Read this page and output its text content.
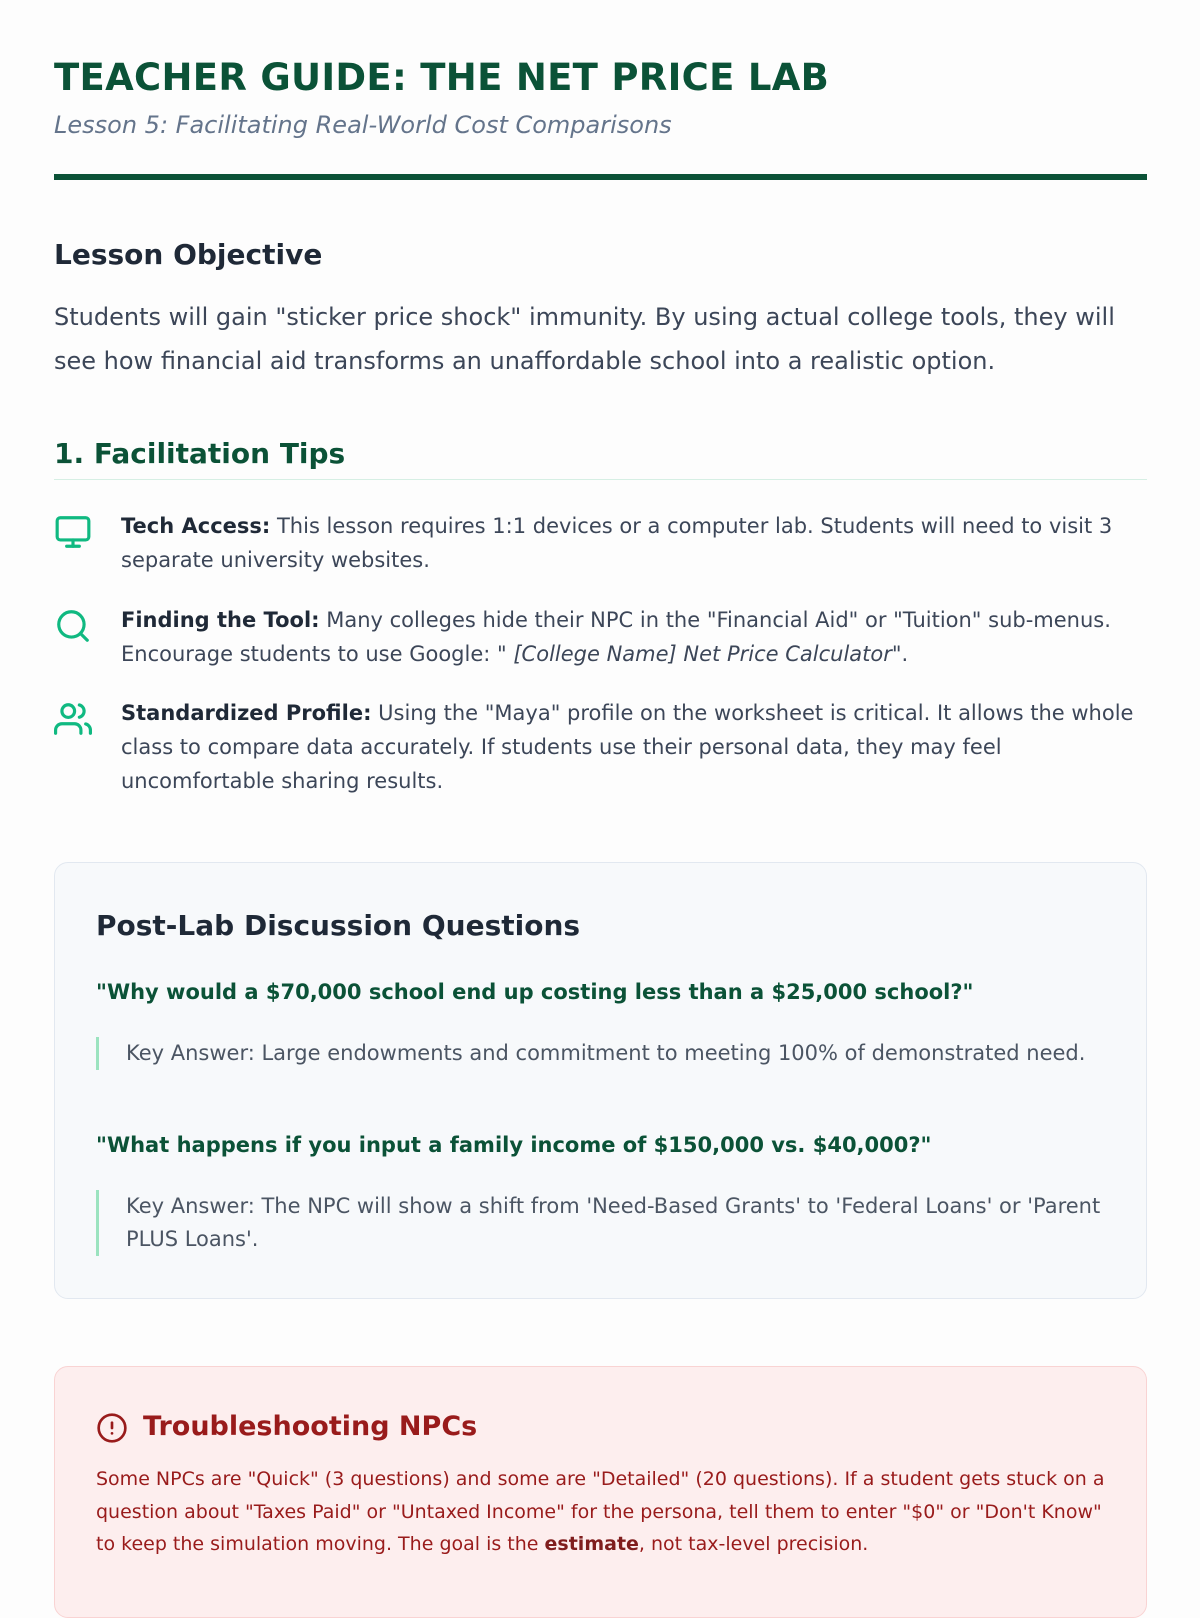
TEACHER GUIDE: THE NET PRICE LAB
Lesson 5: Facilitating Real-World Cost Comparisons
Lesson Objective

Students will gain "sticker price shock" immunity. By using actual college tools, they will see how financial aid transforms an unaffordable school into a realistic option.

1. Facilitation Tips

Tech Access: This lesson requires 1:1 devices or a computer lab. Students will need to visit 3 separate university websites.

Finding the Tool: Many colleges hide their NPC in the "Financial Aid" or "Tuition" sub-menus. Encourage students to use Google: " [College Name] Net Price Calculator".

Standardized Profile: Using the "Maya" profile on the worksheet is critical. It allows the whole class to compare data accurately. If students use their personal data, they may feel uncomfortable sharing results.

Post-Lab Discussion Questions

"Why would a $70,000 school end up costing less than a $25,000 school?"

Key Answer: Large endowments and commitment to meeting 100% of demonstrated need.

"What happens if you input a family income of $150,000 vs. $40,000?"

Key Answer: The NPC will show a shift from 'Need-Based Grants' to 'Federal Loans' or 'Parent PLUS Loans'.

Troubleshooting NPCs

Some NPCs are "Quick" (3 questions) and some are "Detailed" (20 questions). If a student gets stuck on a question about "Taxes Paid" or "Untaxed Income" for the persona, tell them to enter "$0" or "Don't Know" to keep the simulation moving. The goal is the estimate, not tax-level precision.
